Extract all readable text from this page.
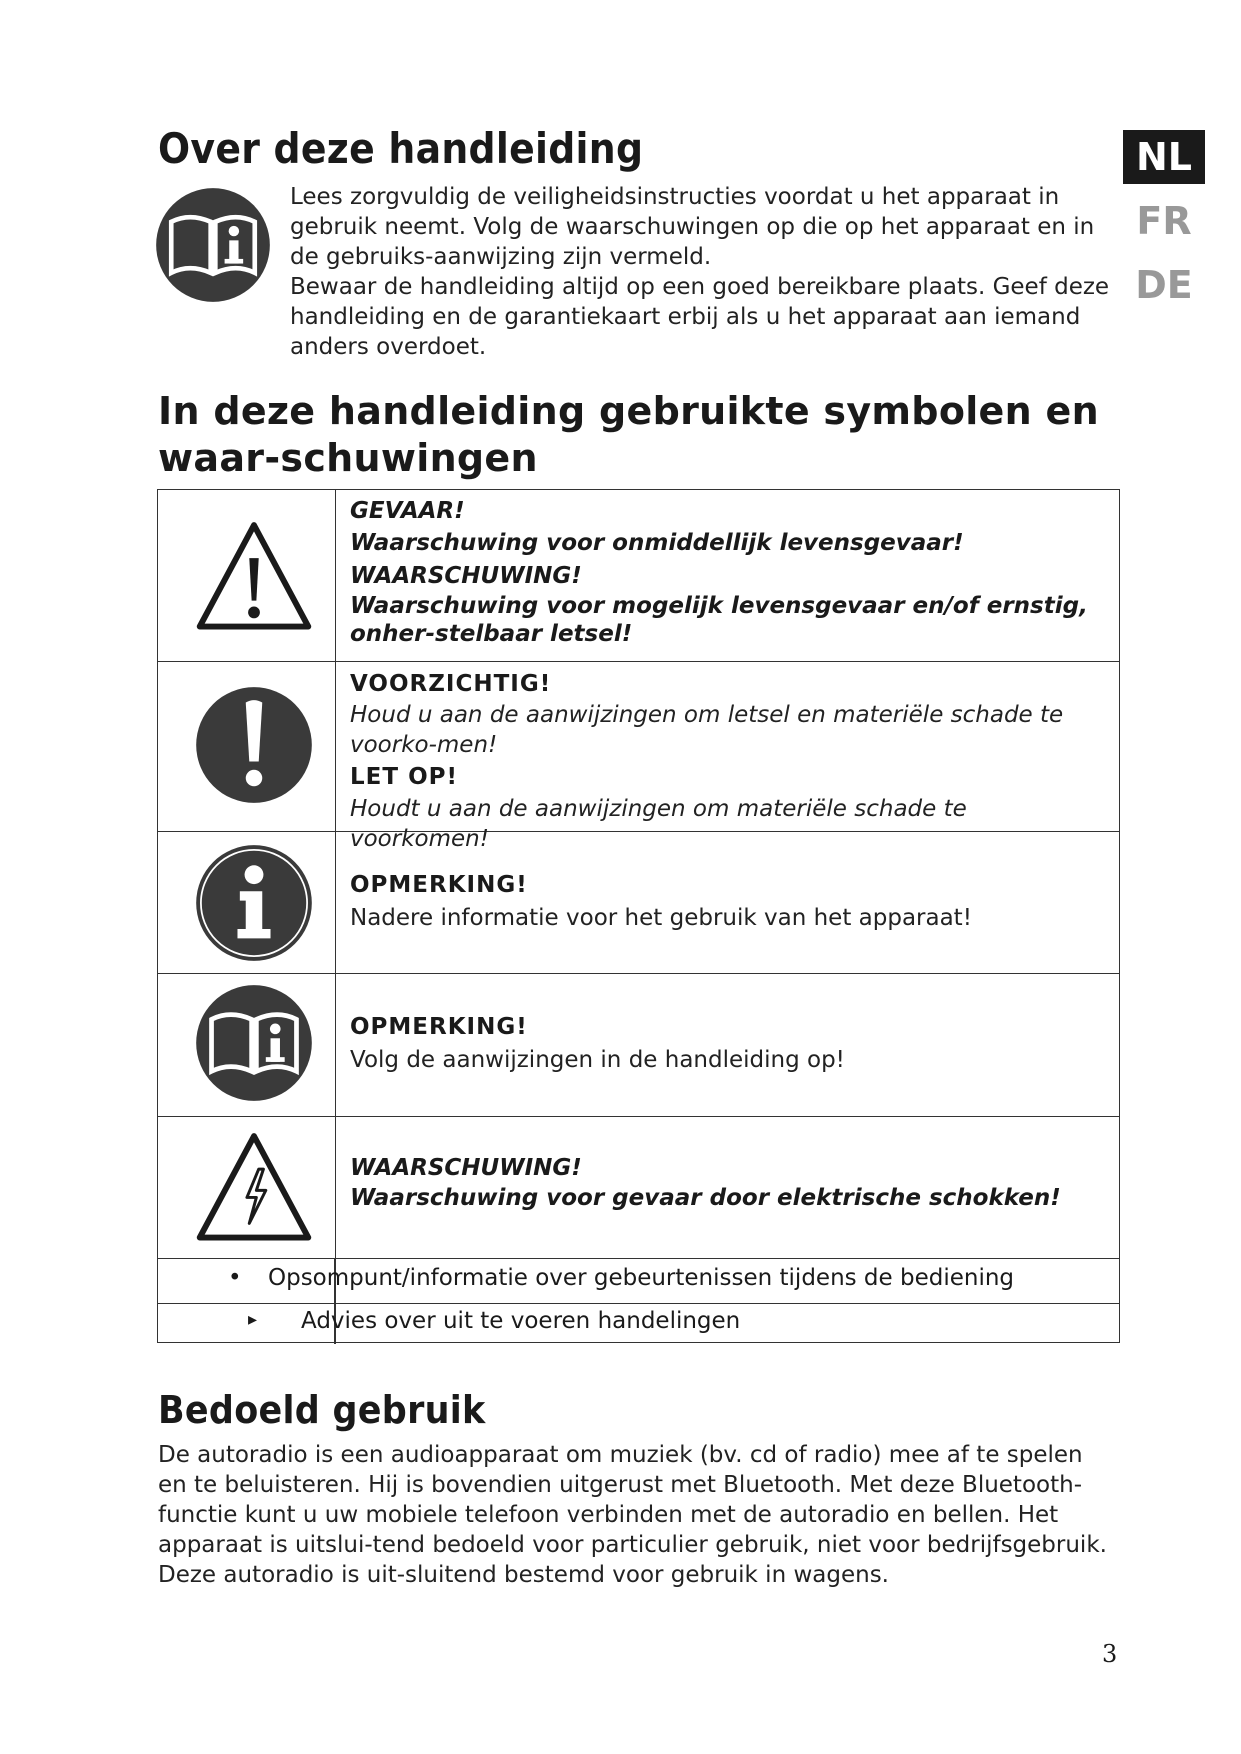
Over deze handleiding	NL
FR
DE

Lees zorgvuldig de veiligheidsinstructies voordat u het apparaat in gebruik neemt. Volg de waarschuwingen op die op het apparaat en in de gebruiks-aanwijzing zijn vermeld.

Bewaar de handleiding altijd op een goed bereikbare plaats. Geef deze handleiding en de garantiekaart erbij als u het apparaat aan iemand anders overdoet.

In deze handleiding gebruikte symbolen en waar-schuwingen

GEVAAR!

Waarschuwing voor onmiddellijk levensgevaar!

WAARSCHUWING!

Waarschuwing voor mogelijk levensgevaar en/of ernstig, onher-stelbaar letsel!

VOORZICHTIG!

Houd u aan de aanwijzingen om letsel en materiële schade te voorko-men!

LET OP!

Houdt u aan de aanwijzingen om materiële schade te voorkomen!

OPMERKING!

Nadere informatie voor het gebruik van het apparaat!

OPMERKING!

Volg de aanwijzingen in de handleiding op!

WAARSCHUWING!

Waarschuwing voor gevaar door elektrische schokken!

• Opsompunt/informatie over gebeurtenissen tijdens de bediening
▸ Advies over uit te voeren handelingen
Bedoeld gebruik
De autoradio is een audioapparaat om muziek (bv. cd of radio) mee af te spelen en te beluisteren. Hij is bovendien uitgerust met Bluetooth. Met deze Bluetooth-functie kunt u uw mobiele telefoon verbinden met de autoradio en bellen. Het apparaat is uitslui-tend bedoeld voor particulier gebruik, niet voor bedrijfsgebruik. Deze autoradio is uit-sluitend bestemd voor gebruik in wagens.
3
